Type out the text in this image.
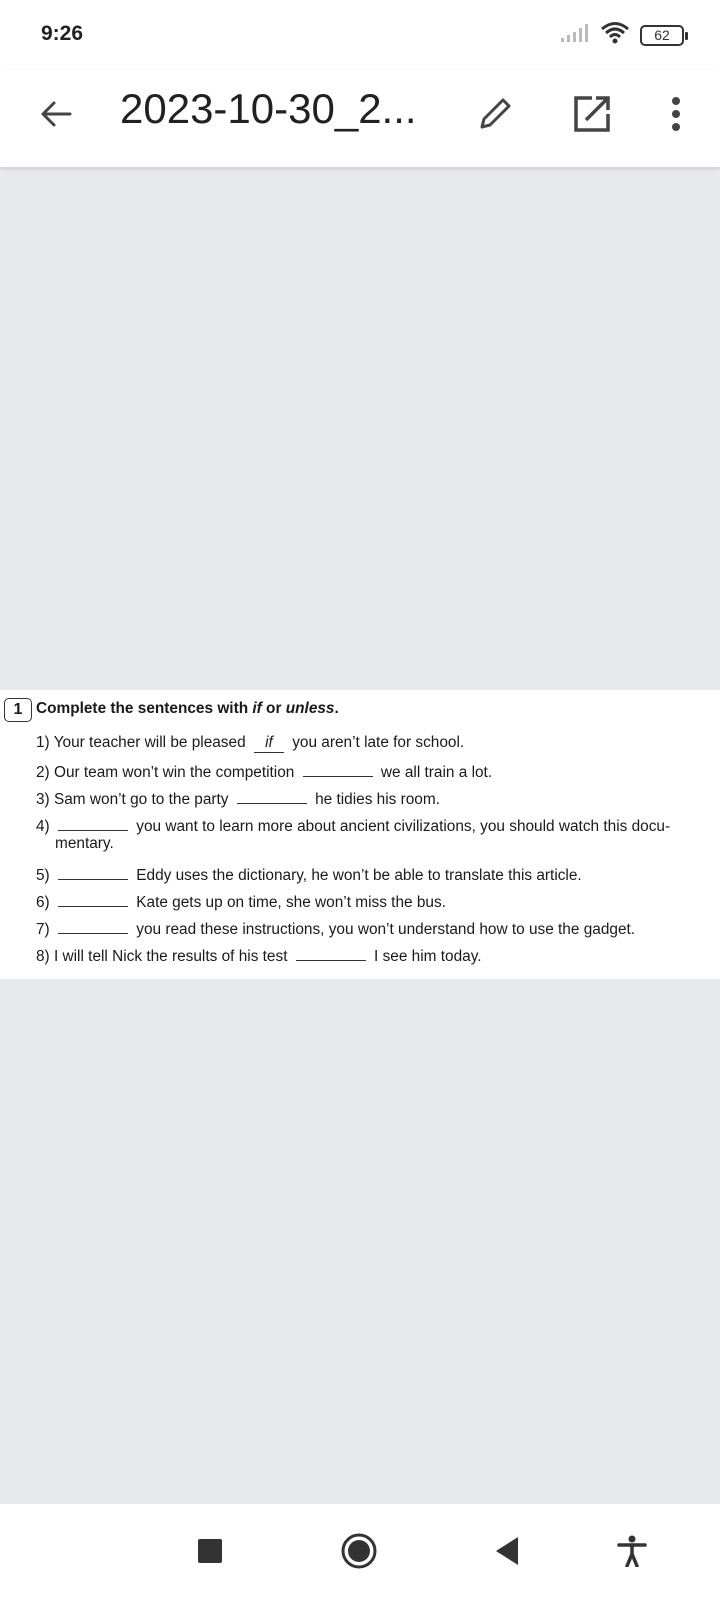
9:26	62
2023-10-30_2...
1 Complete the sentences with if or unless.
1) Your teacher will be pleased if you aren’t late for school.
2) Our team won’t win the competition	we all train a lot.
3) Sam won’t go to the party	he tidies his room.
4)	you want to learn more about ancient civilizations, you should watch this docu-
mentary.
5)	Eddy uses the dictionary, he won’t be able to translate this article.
6)	Kate gets up on time, she won’t miss the bus.
7)	you read these instructions, you won’t understand how to use the gadget.
8) I will tell Nick the results of his test	I see him today.
